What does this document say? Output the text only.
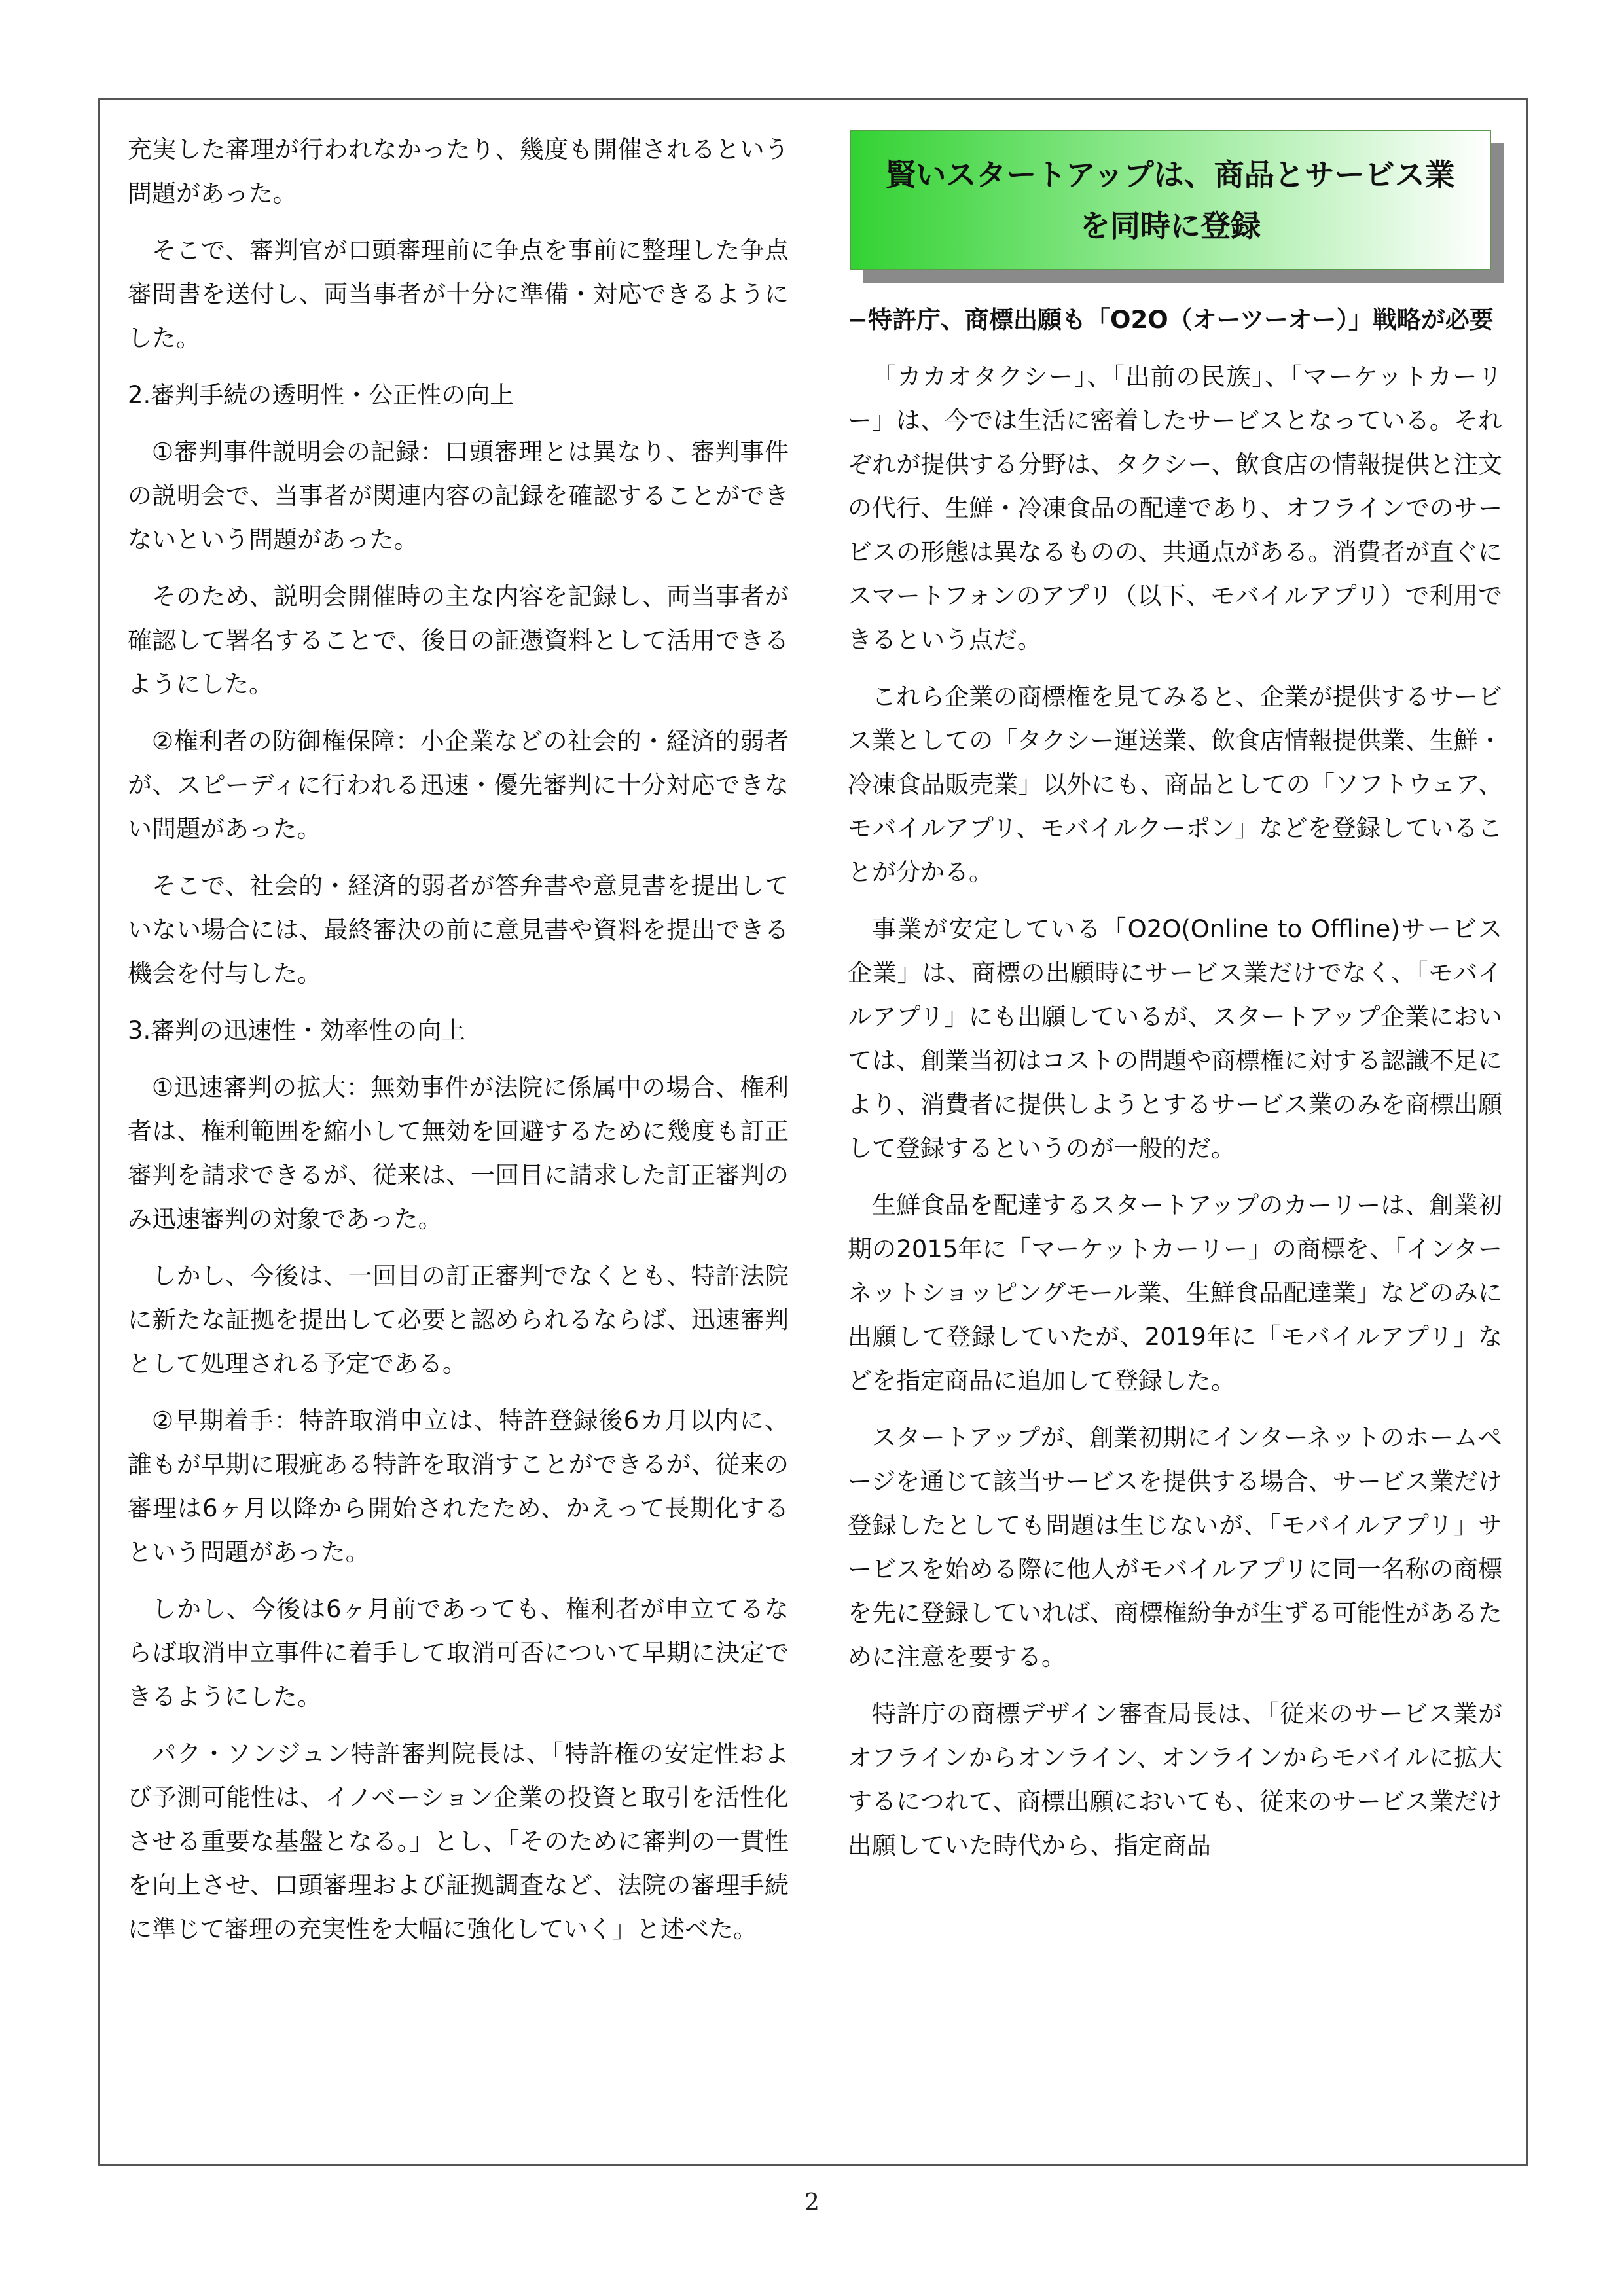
充実した審理が行われなかったり、幾度も開催されるという問題があった。

そこで、審判官が口頭審理前に争点を事前に整理した争点審問書を送付し、両当事者が十分に準備・対応できるようにした。

2.審判手続の透明性・公正性の向上

①審判事件説明会の記録：口頭審理とは異なり、審判事件の説明会で、当事者が関連内容の記録を確認することができないという問題があった。

そのため、説明会開催時の主な内容を記録し、両当事者が確認して署名することで、後日の証憑資料として活用できるようにした。

②権利者の防御権保障：小企業などの社会的・経済的弱者が、スピーディに行われる迅速・優先審判に十分対応できない問題があった。

そこで、社会的・経済的弱者が答弁書や意見書を提出していない場合には、最終審決の前に意見書や資料を提出できる機会を付与した。

3.審判の迅速性・効率性の向上

①迅速審判の拡大：無効事件が法院に係属中の場合、権利者は、権利範囲を縮小して無効を回避するために幾度も訂正審判を請求できるが、従来は、一回目に請求した訂正審判のみ迅速審判の対象であった。

しかし、今後は、一回目の訂正審判でなくとも、特許法院に新たな証拠を提出して必要と認められるならば、迅速審判として処理される予定である。

②早期着手：特許取消申立は、特許登録後6カ月以内に、誰もが早期に瑕疵ある特許を取消すことができるが、従来の審理は6ヶ月以降から開始されたため、かえって長期化するという問題があった。

しかし、今後は6ヶ月前であっても、権利者が申立てるならば取消申立事件に着手して取消可否について早期に決定できるようにした。

パク・ソンジュン特許審判院長は、「特許権の安定性および予測可能性は、イノベーション企業の投資と取引を活性化させる重要な基盤となる。」とし、「そのために審判の一貫性を向上させ、口頭審理および証拠調査など、法院の審理手続に準じて審理の充実性を大幅に強化していく」と述べた。

賢いスタートアップは、商品とサービス業を同時に登録

−特許庁、商標出願も「O2O（オーツーオー）」戦略が必要

「カカオタクシー」、「出前の民族」、「マーケットカーリー」は、今では生活に密着したサービスとなっている。それぞれが提供する分野は、タクシー、飲食店の情報提供と注文の代行、生鮮・冷凍食品の配達であり、オフラインでのサービスの形態は異なるものの、共通点がある。消費者が直ぐにスマートフォンのアプリ（以下、モバイルアプリ）で利用できるという点だ。

これら企業の商標権を見てみると、企業が提供するサービス業としての「タクシー運送業、飲食店情報提供業、生鮮・冷凍食品販売業」以外にも、商品としての「ソフトウェア、モバイルアプリ、モバイルクーポン」などを登録していることが分かる。

事業が安定している「O2O(Online to Offline)サービス企業」は、商標の出願時にサービス業だけでなく、「モバイルアプリ」にも出願しているが、スタートアップ企業においては、創業当初はコストの問題や商標権に対する認識不足により、消費者に提供しようとするサービス業のみを商標出願して登録するというのが一般的だ。

生鮮食品を配達するスタートアップのカーリーは、創業初期の2015年に「マーケットカーリー」の商標を、「インターネットショッピングモール業、生鮮食品配達業」などのみに出願して登録していたが、2019年に「モバイルアプリ」などを指定商品に追加して登録した。

スタートアップが、創業初期にインターネットのホームページを通じて該当サービスを提供する場合、サービス業だけ登録したとしても問題は生じないが、「モバイルアプリ」サービスを始める際に他人がモバイルアプリに同一名称の商標を先に登録していれば、商標権紛争が生ずる可能性があるために注意を要する。

特許庁の商標デザイン審査局長は、「従来のサービス業がオフラインからオンライン、オンラインからモバイルに拡大するにつれて、商標出願においても、従来のサービス業だけ出願していた時代から、指定商品

2
